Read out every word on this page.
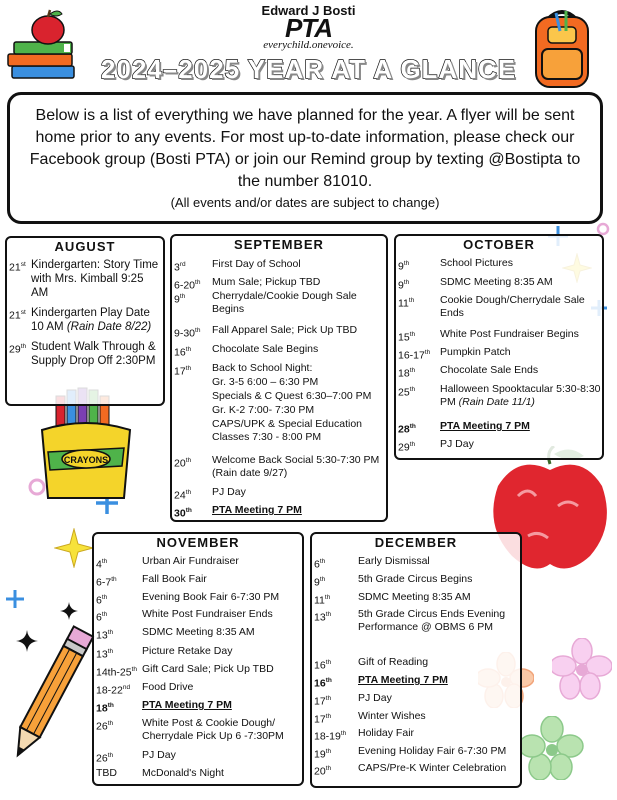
Edward J Bosti
PTA
everychild.onevoice.
2024–2025 YEAR AT A GLANCE
Below is a list of everything we have planned for the year. A flyer will be sent home prior to any events. For most up-to-date information, please check our Facebook group (Bosti PTA) or join our Remind group by texting @Bostipta to the number 81010.
(All events and/or dates are subject to change)
CRAYONS
AUGUST
21st Kindergarten: Story Time with Mrs. Kimball 9:25 AM
21st Kindergarten Play Date 10 AM (Rain Date 8/22)
29th Student Walk Through & Supply Drop Off 2:30PM
SEPTEMBER
3rd	First Day of School
6-20th Mum Sale; Pickup TBD
9th	Cherrydale/Cookie Dough Sale Begins
9-30th Fall Apparel Sale; Pick Up TBD
16th Chocolate Sale Begins
17th Back to School Night:
Gr. 3-5 6:00 – 6:30 PM
Specials & C Quest 6:30–7:00 PM
Gr. K-2 7:00- 7:30 PM
CAPS/UPK & Special Education Classes 7:30 - 8:00 PM
20th Welcome Back Social 5:30-7:30 PM (Rain date 9/27)
24th PJ Day
30th PTA Meeting 7 PM
OCTOBER
9th	School Pictures
9th	SDMC Meeting 8:35 AM
11th Cookie Dough/Cherrydale Sale Ends
15th White Post Fundraiser Begins
16-17th Pumpkin Patch
18th Chocolate Sale Ends
25th Halloween Spooktacular 5:30-8:30 PM (Rain Date 11/1)
28th PTA Meeting 7 PM
29th PJ Day
NOVEMBER
4th	Urban Air Fundraiser
6-7th Fall Book Fair
6th	Evening Book Fair 6-7:30 PM
6th	White Post Fundraiser Ends
13th	SDMC Meeting 8:35 AM
13th	Picture Retake Day
14th-25th Gift Card Sale; Pick Up TBD
18-22nd Food Drive
18th	PTA Meeting 7 PM
26th	White Post & Cookie Dough/ Cherrydale Pick Up 6 -7:30PM
26th	PJ Day
TBD McDonald's Night
DECEMBER
6th	Early Dismissal
9th	5th Grade Circus Begins
11th	SDMC Meeting 8:35 AM
13th	5th Grade Circus Ends Evening Performance @ OBMS 6 PM
16th	Gift of Reading
16th PTA Meeting 7 PM
17th	PJ Day
17th	Winter Wishes
18-19th Holiday Fair
19th	Evening Holiday Fair 6-7:30 PM
20th	CAPS/Pre-K Winter Celebration
